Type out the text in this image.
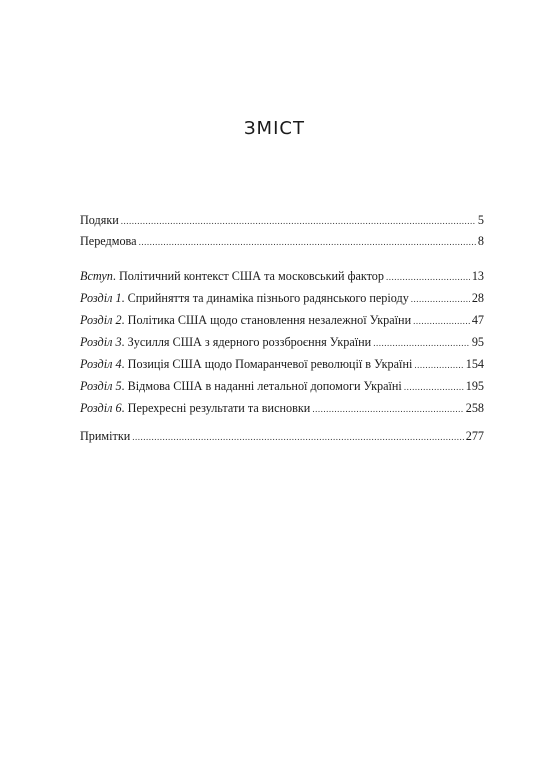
ЗМІСТ
Подяки .....	5
Передмова .....	8
Вступ. Політичний контекст США та московський фактор .....	13
Розділ 1. Сприйняття та динаміка пізнього радянського періоду .....	28
Розділ 2. Політика США щодо становлення незалежної України .....	47
Розділ 3. Зусилля США з ядерного роззброєння України .....	95
Розділ 4. Позиція США щодо Помаранчевої революції в Україні .....	154
Розділ 5. Відмова США в наданні летальної допомоги Україні .....	195
Розділ 6. Перехресні результати та висновки .....	258
Примітки .....	277
